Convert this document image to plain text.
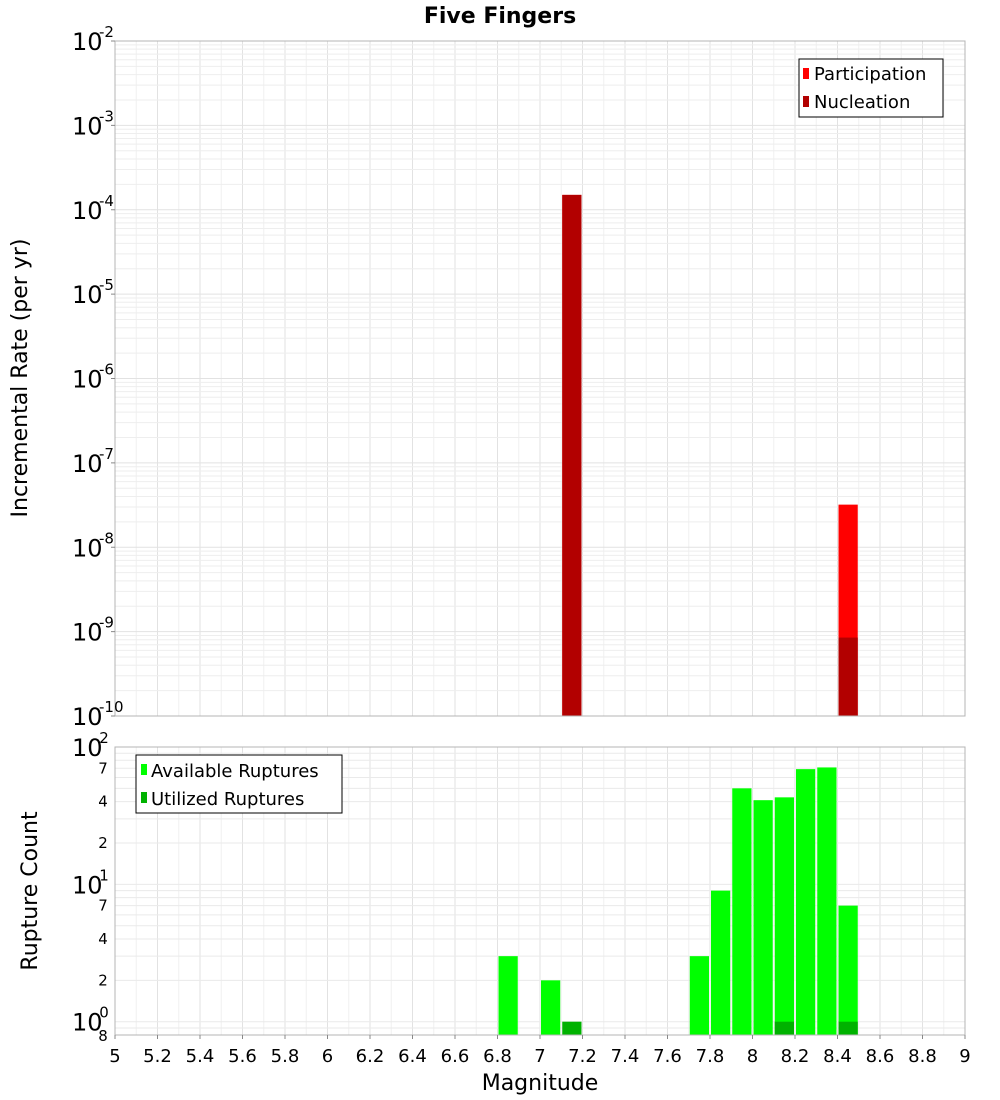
Five Fingers
10
-10
10
-9
10
-8
10
-7
10
-6
10
-5
10
-4
10
-3
10
-2
Incremental Rate (per yr)
Participation
Nucleation
10
0
10
1
10
2
8
2
4
7
2
4
7
5 5.2 5.4 5.6 5.8 6 6.2 6.4 6.6 6.8 7 7.2 7.4 7.6 7.8 8 8.2 8.4 8.6 8.8 9
Rupture Count
Magnitude
Available Ruptures
Utilized Ruptures
